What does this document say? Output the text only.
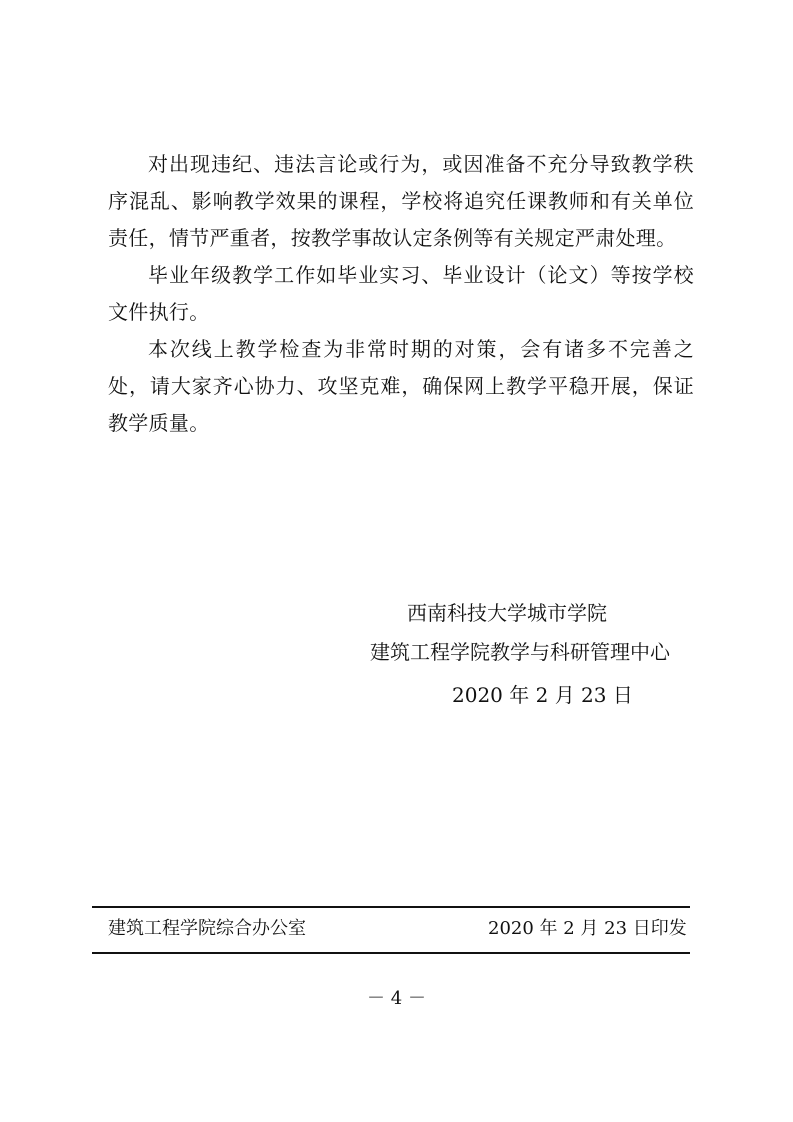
对出现违纪、违法言论或行为，或因准备不充分导致教学秩序混乱、影响教学效果的课程，学校将追究任课教师和有关单位责任，情节严重者，按教学事故认定条例等有关规定严肃处理。

毕业年级教学工作如毕业实习、毕业设计（论文）等按学校文件执行。

本次线上教学检查为非常时期的对策，会有诸多不完善之处，请大家齐心协力、攻坚克难，确保网上教学平稳开展，保证教学质量。

西南科技大学城市学院
建筑工程学院教学与科研管理中心
2020 年 2 月 23 日
建筑工程学院综合办公室	2020 年 2 月 23 日印发
－ 4 －
